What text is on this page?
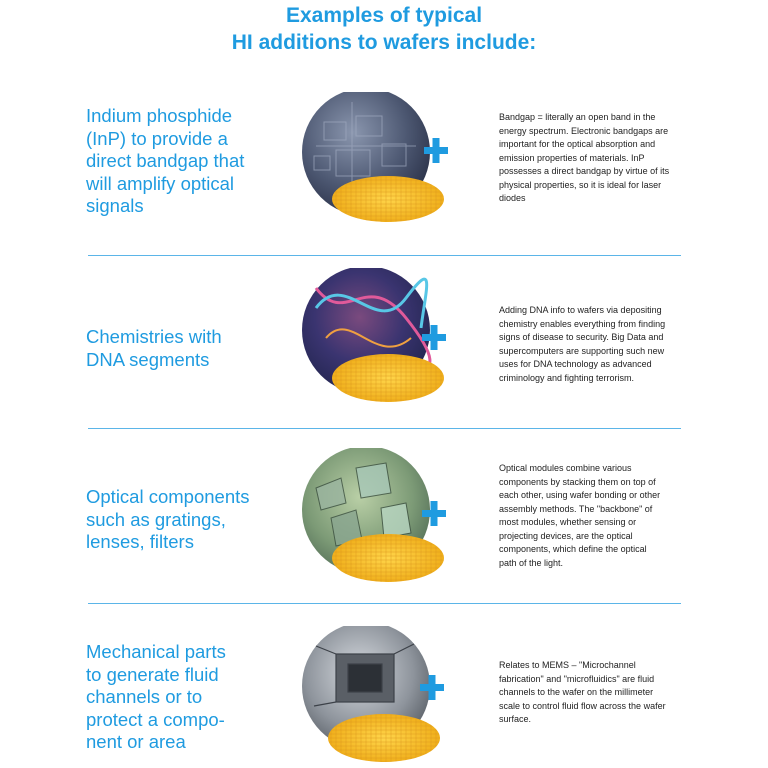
Examples of typical
HI additions to wafers include:
Indium phosphide
(InP) to provide a
direct bandgap that
will amplify optical
signals
Bandgap = literally an open band in the
energy spectrum. Electronic bandgaps are
important for the optical absorption and
emission properties of materials. InP
possesses a direct bandgap by virtue of its
physical properties, so it is ideal for laser
diodes
Chemistries with
DNA segments
Adding DNA info to wafers via depositing
chemistry enables everything from finding
signs of disease to security. Big Data and
supercomputers are supporting such new
uses for DNA technology as advanced
criminology and fighting terrorism.
Optical components
such as gratings,
lenses, filters
Optical modules combine various
components by stacking them on top of
each other, using wafer bonding or other
assembly methods. The "backbone" of
most modules, whether sensing or
projecting devices, are the optical
components, which define the optical
path of the light.
Mechanical parts
to generate fluid
channels or to
protect a compo-
nent or area
Relates to MEMS – "Microchannel
fabrication" and "microfluidics" are fluid
channels to the wafer on the millimeter
scale to control fluid flow across the wafer
surface.
